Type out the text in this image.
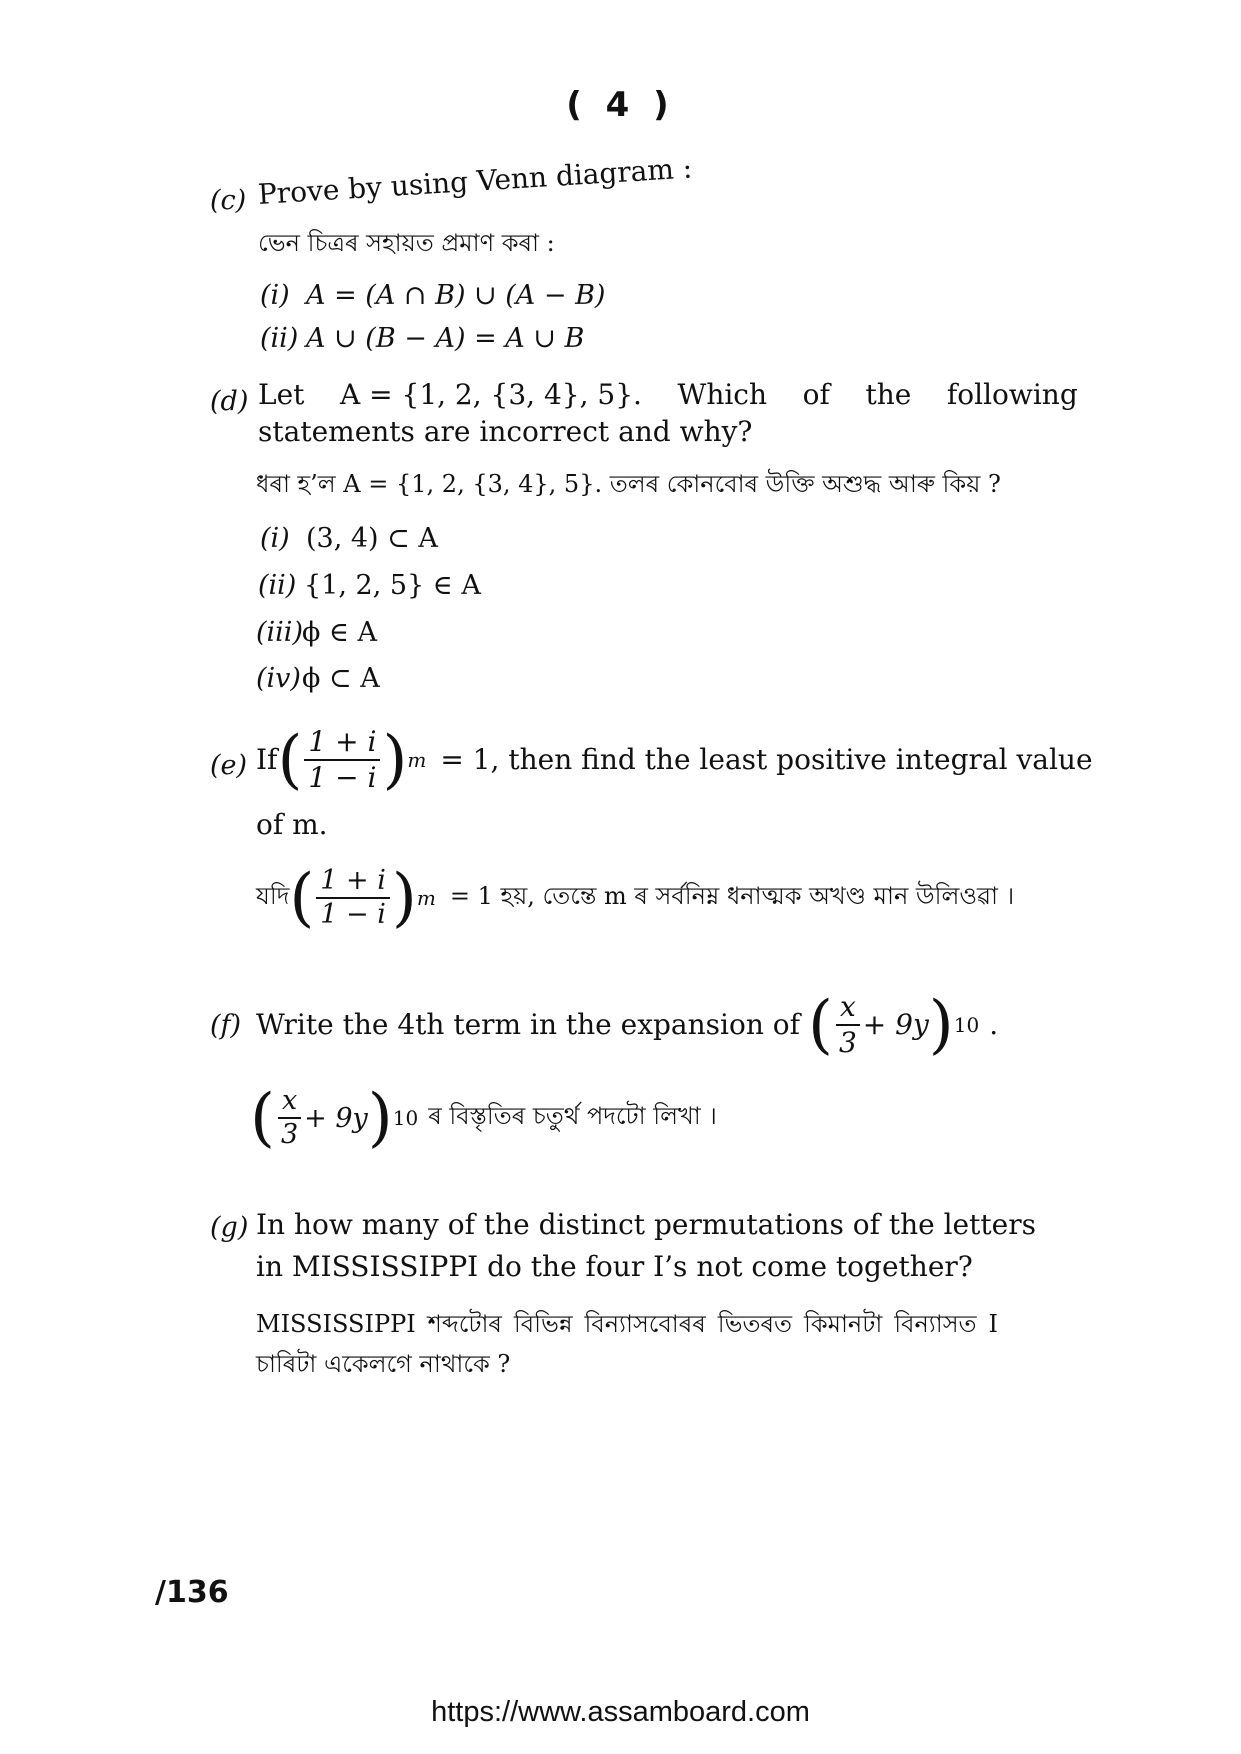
( 4 )
(c) Prove by using Venn diagram :
ভেন চিত্ৰৰ সহায়ত প্ৰমাণ কৰা :
(i) A = (A ∩ B) ∪ (A − B)
(ii) A ∪ (B − A) = A ∪ B
(d) Let    A = {1, 2, {3, 4}, 5}.    Which    of    the    following
statements are incorrect and why?
ধৰা হ’ল A = {1, 2, {3, 4}, 5}. তলৰ কোনবোৰ উক্তি অশুদ্ধ আৰু কিয় ?
(i) (3, 4) ⊂ A
(ii) {1, 2, 5} ∈ A
(iii)ϕ ∈ A
(iv)ϕ ⊂ A
(e) If ( $\frac{1 + i}{1 - i}$ ) m = 1, then find the least positive integral value
of m.
যদি ( $\frac{1 + i}{1 - i}$ ) m = 1 হয়, তেন্তে m ৰ সৰ্বনিম্ন ধনাত্মক অখণ্ড মান উলিওৱা ।
(f) Write the 4th term in the expansion of ( $\frac{x}{3} + 9y$ ) 10 .
( $\frac{x}{3} + 9y$ ) 10 ৰ বিস্তৃতিৰ চতুৰ্থ পদটো লিখা ।
(g) In how many of the distinct permutations of the letters
in MISSISSIPPI do the four I’s not come together?
MISSISSIPPI শব্দটোৰ বিভিন্ন বিন্যাসবোৰৰ ভিতৰত কিমানটা বিন্যাসত I
চাৰিটা একেলগে নাথাকে ?
/136
https://www.assamboard.com
